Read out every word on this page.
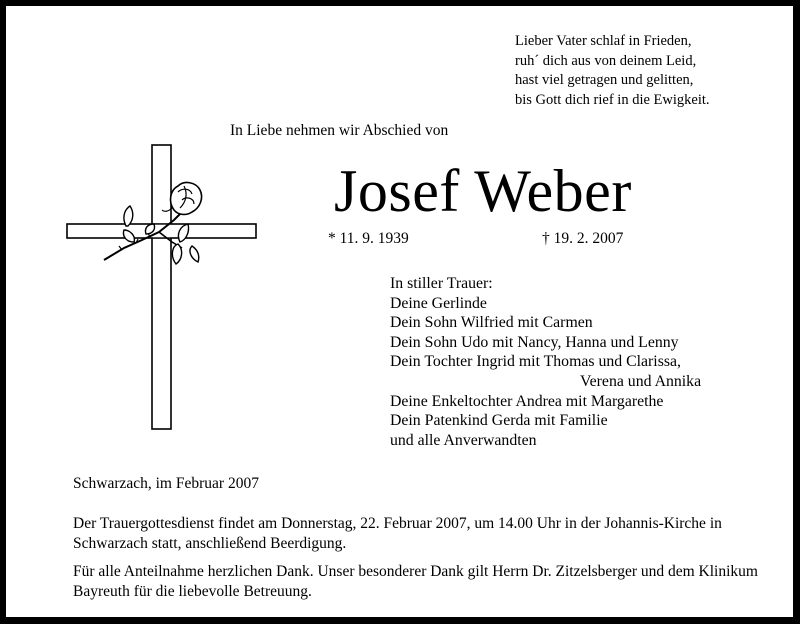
Lieber Vater schlaf in Frieden,
ruh´ dich aus von deinem Leid,
hast viel getragen und gelitten,
bis Gott dich rief in die Ewigkeit.
In Liebe nehmen wir Abschied von
Josef Weber
* 11. 9. 1939	† 19. 2. 2007
In stiller Trauer:
Deine Gerlinde
Dein Sohn Wilfried mit Carmen
Dein Sohn Udo mit Nancy, Hanna und Lenny
Dein Tochter Ingrid mit Thomas und Clarissa,
Verena und Annika
Deine Enkeltochter Andrea mit Margarethe
Dein Patenkind Gerda mit Familie
und alle Anverwandten
Schwarzach, im Februar 2007
Der Trauergottesdienst findet am Donnerstag, 22. Februar 2007, um 14.00 Uhr in der Johannis-Kirche in Schwarzach statt, anschließend Beerdigung.
Für alle Anteilnahme herzlichen Dank. Unser besonderer Dank gilt Herrn Dr. Zitzelsberger und dem Klinikum Bayreuth für die liebevolle Betreuung.
